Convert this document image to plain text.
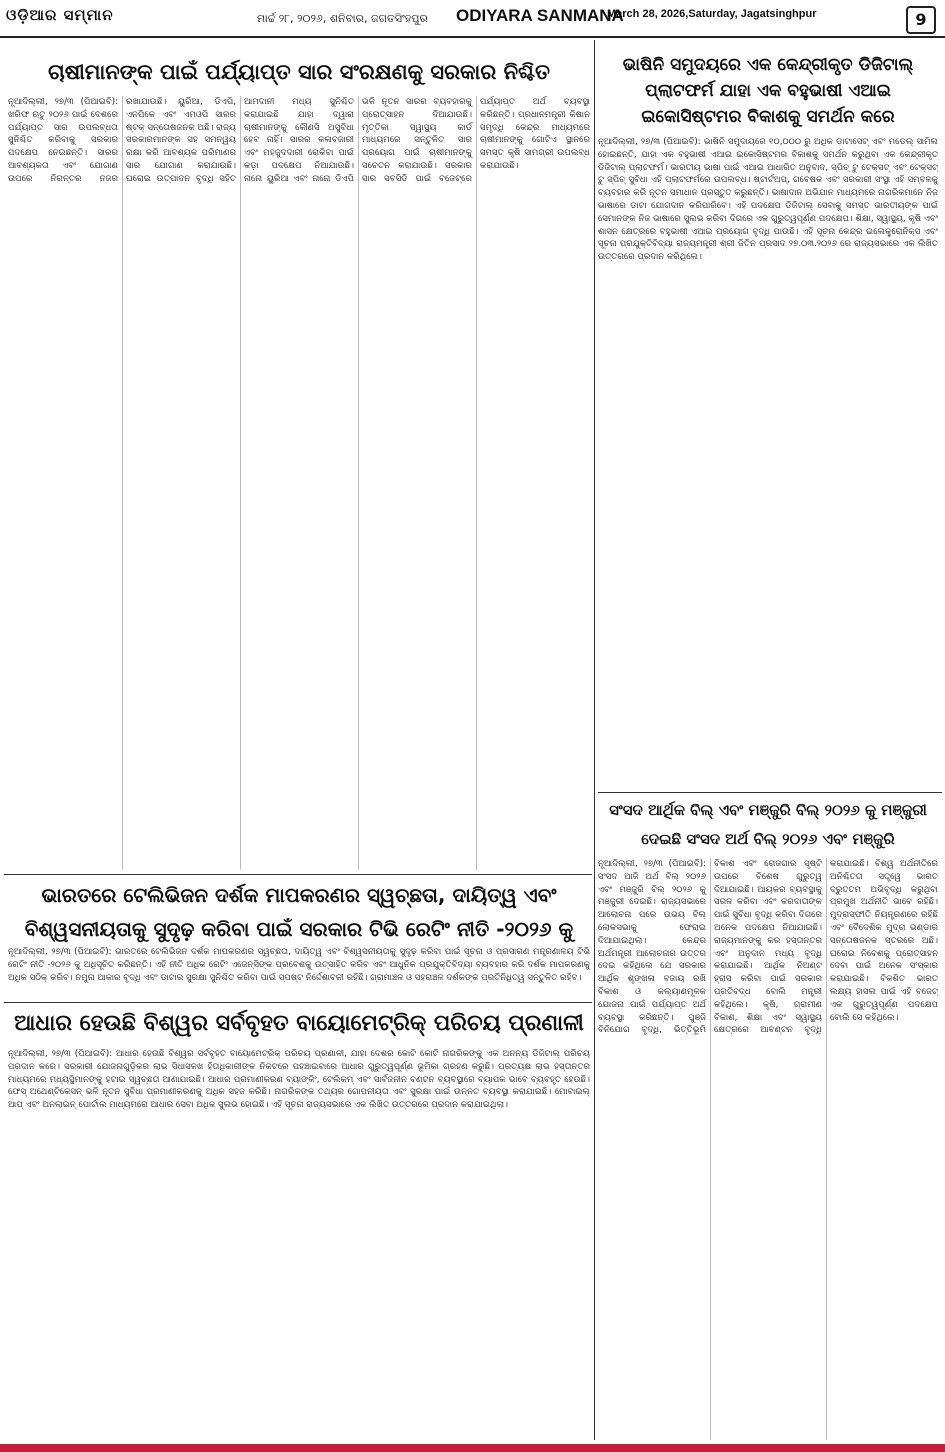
ଓଡ଼ିଆର ସମ୍ମାନ	ମାର୍ଚ୍ଚ ୨୮, ୨୦୨୬, ଶନିବାର, ଜଗତସିଂହପୁର ODIYARA SANMANA
March 28, 2026,Saturday, Jagatsinghpur	9
ଚାଷୀମାନଙ୍କ ପାଇଁ ପର୍ଯ୍ୟାପ୍ତ ସାର ସଂରକ୍ଷଣକୁ ସରକାର ନିଶ୍ଚିତ
ନୂଆଦିଲ୍ଲୀ, ୨୭/୩ (ପିଆଇବି): ଖରିଫ ଋତୁ ୨୦୨୬ ପାଇଁ ଦେଶରେ ପର୍ଯ୍ୟାପ୍ତ ସାର ଉପଲବ୍ଧତା ସୁନିଶ୍ଚିତ କରିବାକୁ ସରକାର ପଦକ୍ଷେପ ନେଇଛନ୍ତି। ସାରର ଆବଶ୍ୟକତା ଏବଂ ଯୋଗାଣ ଉପରେ ନିରନ୍ତର ନଜର ରଖାଯାଉଛି। ୟୁରିଆ, ଡିଏପି, ଏନପିକେ ଏବଂ ଏମଓପି ସାରର ଷ୍ଟକ୍ ସନ୍ତୋଷଜନକ ଅଛି। ରାଜ୍ୟ ସରକାରମାନଙ୍କ ସହ ସମନ୍ୱୟ ରକ୍ଷା କରି ଆବଶ୍ୟକ ପରିମାଣର ସାର ଯୋଗାଣ କରାଯାଉଛି। ଘରୋଇ ଉତ୍ପାଦନ ବୃଦ୍ଧି ସହିତ ଆମଦାନୀ ମଧ୍ୟ ସୁନିଶ୍ଚିତ କରାଯାଇଛି ଯାହା ଦ୍ୱାରା ଚାଷୀମାନଙ୍କୁ କୌଣସି ଅସୁବିଧା ହେବ ନାହିଁ। ସାରର କଳାବଜାରୀ ଏବଂ ମହଜୁଦଦାରୀ ରୋକିବା ପାଇଁ କଡ଼ା ପଦକ୍ଷେପ ନିଆଯାଉଛି। ନାନୋ ୟୁରିଆ ଏବଂ ନାନୋ ଡିଏପି ଭଳି ନୂତନ ସାରର ବ୍ୟବହାରକୁ ପ୍ରୋତ୍ସାହନ ଦିଆଯାଉଛି। ମୃତ୍ତିକା ସ୍ୱାସ୍ଥ୍ୟ କାର୍ଡ ମାଧ୍ୟମରେ ସନ୍ତୁଳିତ ସାର ପ୍ରୟୋଗ ପାଇଁ ଚାଷୀମାନଙ୍କୁ ସଚେତନ କରାଯାଉଛି। ସରକାର ସାର ସବସିଡି ପାଇଁ ବଜେଟ୍‌ରେ ପର୍ଯ୍ୟାପ୍ତ ଅର୍ଥ ବ୍ୟବସ୍ଥା କରିଛନ୍ତି। ପ୍ରଧାନମନ୍ତ୍ରୀ କିଷାନ ସମୃଦ୍ଧି କେନ୍ଦ୍ର ମାଧ୍ୟମରେ ଚାଷୀମାନଙ୍କୁ ଗୋଟିଏ ସ୍ଥାନରେ ସମସ୍ତ କୃଷି ସାମଗ୍ରୀ ଉପଲବ୍ଧ କରାଯାଉଛି।
ଭାଷିନି ସମୁଦୟରେ ଏକ କେନ୍ଦ୍ରୀକୃତ ଡିଜିଟାଲ୍ ପ୍ଲାଟଫର୍ମ ଯାହା ଏକ ବହୁଭାଷୀ ଏଆଇ ଇକୋସିଷ୍ଟମର ବିକାଶକୁ ସମର୍ଥନ କରେ
ନୂଆଦିଲ୍ଲୀ, ୨୭/୩ (ପିଆଇବି): ଭାଷିନି ସମୁଦାୟରେ ୧୦,୦୦୦ ରୁ ଅଧିକ ଡାଟାସେଟ୍ ଏବଂ ମଡେଲ୍ ସାମିଲ ହୋଇଛନ୍ତି, ଯାହା ଏକ ବହୁଭାଷୀ ଏଆଇ ଇକୋସିଷ୍ଟମର ବିକାଶକୁ ସମର୍ଥନ କରୁଥିବା ଏକ କେନ୍ଦ୍ରୀକୃତ ଡିଜିଟାଲ୍ ପ୍ଲାଟଫର୍ମ। ଭାରତୀୟ ଭାଷା ପାଇଁ ଏଆଇ ଆଧାରିତ ଅନୁବାଦ, ସ୍ପିଚ୍ ଟୁ ଟେକ୍ସଟ୍ ଏବଂ ଟେକ୍ସଟ୍ ଟୁ ସ୍ପିଚ୍ ସୁବିଧା ଏହି ପ୍ଲାଟଫର୍ମରେ ଉପଲବ୍ଧ। ଷ୍ଟାର୍ଟଅପ୍, ଗବେଷକ ଏବଂ ସରକାରୀ ସଂସ୍ଥା ଏହି ସମ୍ବଳକୁ ବ୍ୟବହାର କରି ନୂତନ ସମାଧାନ ପ୍ରସ୍ତୁତ କରୁଛନ୍ତି। ଭାଷାଦାନ ଅଭିଯାନ ମାଧ୍ୟମରେ ନାଗରିକମାନେ ନିଜ ଭାଷାରେ ଡାଟା ଯୋଗଦାନ କରିପାରିବେ। ଏହି ପଦକ୍ଷେପ ଡିଜିଟାଲ୍ ସେବାକୁ ସମସ୍ତ ଭାରତୀୟଙ୍କ ପାଇଁ ସେମାନଙ୍କ ନିଜ ଭାଷାରେ ସୁଲଭ କରିବା ଦିଗରେ ଏକ ଗୁରୁତ୍ୱପୂର୍ଣ୍ଣ ପଦକ୍ଷେପ। ଶିକ୍ଷା, ସ୍ୱାସ୍ଥ୍ୟ, କୃଷି ଏବଂ ଶାସନ କ୍ଷେତ୍ରରେ ବହୁଭାଷୀ ଏଆଇ ପ୍ରୟୋଗ ବୃଦ୍ଧି ପାଉଛି। ଏହି ସୂଚନା କେନ୍ଦ୍ର ଇଲେକ୍ଟ୍ରୋନିକ୍ସ ଏବଂ ସୂଚନା ପ୍ରଯୁକ୍ତିବିଦ୍ୟା ରାଜ୍ୟମନ୍ତ୍ରୀ ଶ୍ରୀ ଜିତିନ ପ୍ରସାଦ ୨୭.୦୩.୨୦୨୬ ରେ ରାଜ୍ୟସଭାରେ ଏକ ଲିଖିତ ଉତ୍ତରରେ ପ୍ରଦାନ କରିଥିଲେ।
ଭାରତରେ ଟେଲିଭିଜନ ଦର୍ଶକ ମାପକରଣର ସ୍ୱଚ୍ଛତା, ଦାୟିତ୍ୱ ଏବଂ ବିଶ୍ୱସନୀୟତାକୁ ସୁଦୃଢ଼ କରିବା ପାଇଁ ସରକାର ଟିଭି ରେଟିଂ ନୀତି -୨୦୨୬ କୁ
ନୂଆଦିଲ୍ଲୀ, ୨୭/୩ (ପିଆଇବି): ଭାରତରେ ଟେଲିଭିଜନ ଦର୍ଶକ ମାପକରଣର ସ୍ୱଚ୍ଛତା, ଦାୟିତ୍ୱ ଏବଂ ବିଶ୍ୱସନୀୟତାକୁ ସୁଦୃଢ଼ କରିବା ପାଇଁ ସୂଚନା ଓ ପ୍ରସାରଣ ମନ୍ତ୍ରଣାଳୟ ଟିଭି ରେଟିଂ ନୀତି -୨୦୨୬ କୁ ଅଧିସୂଚିତ କରିଛନ୍ତି। ଏହି ନୀତି ଅଧିକ ରେଟିଂ ଏଜେନ୍ସିଙ୍କ ପ୍ରବେଶକୁ ଉତ୍ସାହିତ କରିବ ଏବଂ ଆଧୁନିକ ପ୍ରଯୁକ୍ତିବିଦ୍ୟା ବ୍ୟବହାର କରି ଦର୍ଶକ ମାପକରଣକୁ ଅଧିକ ସଠିକ୍ କରିବ। ନମୁନା ଆକାର ବୃଦ୍ଧି ଏବଂ ଡାଟାର ସୁରକ୍ଷା ସୁନିଶ୍ଚିତ କରିବା ପାଇଁ ସ୍ପଷ୍ଟ ନିର୍ଦ୍ଦେଶାବଳୀ ରହିଛି। ଗ୍ରାମାଞ୍ଚଳ ଓ ସହରାଞ୍ଚଳ ଦର୍ଶକଙ୍କ ପ୍ରତିନିଧିତ୍ୱ ସନ୍ତୁଳିତ ରହିବ।
ଆଧାର ହେଉଛି ବିଶ୍ୱର ସର୍ବବୃହତ ବାୟୋମେଟ୍ରିକ୍ ପରିଚୟ ପ୍ରଣାଳୀ
ନୂଆଦିଲ୍ଲୀ, ୨୭/୩ (ପିଆଇବି): ଆଧାର ହେଉଛି ବିଶ୍ୱର ସର୍ବବୃହତ ବାୟୋମେଟ୍ରିକ୍ ପରିଚୟ ପ୍ରଣାଳୀ, ଯାହା ଦେଶର କୋଟି କୋଟି ନାଗରିକଙ୍କୁ ଏକ ଅନନ୍ୟ ଡିଜିଟାଲ୍ ପରିଚୟ ପ୍ରଦାନ କରେ। ସରକାରୀ ଯୋଜନାଗୁଡ଼ିକର ଲାଭ ସିଧାସଳଖ ହିତାଧିକାରୀଙ୍କ ନିକଟରେ ପହଞ୍ଚାଇବାରେ ଆଧାର ଗୁରୁତ୍ୱପୂର୍ଣ୍ଣ ଭୂମିକା ଗ୍ରହଣ କରୁଛି। ପ୍ରତ୍ୟକ୍ଷ ଲାଭ ହସ୍ତାନ୍ତର ମାଧ୍ୟମରେ ମଧ୍ୟସ୍ଥିମାନଙ୍କୁ ହଟାଇ ସ୍ୱଚ୍ଛତା ଆଣାଯାଇଛି। ଆଧାର ପ୍ରମାଣୀକରଣ ବ୍ୟାଙ୍କିଂ, ଟେଲିକମ୍ ଏବଂ ସାର୍ବଜନୀନ ବଣ୍ଟନ ବ୍ୟବସ୍ଥାରେ ବ୍ୟାପକ ଭାବେ ବ୍ୟବହୃତ ହେଉଛି। ଫେସ୍ ଅଥେଣ୍ଟିକେସନ୍ ଭଳି ନୂତନ ସୁବିଧା ପ୍ରମାଣୀକରଣକୁ ଅଧିକ ସହଜ କରିଛି। ନାଗରିକଙ୍କ ତଥ୍ୟର ଗୋପନୀୟତା ଏବଂ ସୁରକ୍ଷା ପାଇଁ ଉନ୍ନତ ବ୍ୟବସ୍ଥା କରାଯାଇଛି। ମୋବାଇଲ୍ ଆପ୍ ଏବଂ ଅନଲାଇନ୍ ପୋର୍ଟାଲ ମାଧ୍ୟମରେ ଆଧାର ସେବା ଅଧିକ ସୁଲଭ ହୋଇଛି। ଏହି ସୂଚନା ରାଜ୍ୟସଭାରେ ଏକ ଲିଖିତ ଉତ୍ତରରେ ପ୍ରଦାନ କରାଯାଇଥିଲା।
ସଂସଦ ଆର୍ଥିକ ବିଲ୍ ଏବଂ ମଞ୍ଜୁରି ବିଲ୍ ୨୦୨୬ କୁ ମଞ୍ଜୁରୀ ଦେଇଛି ସଂସଦ ଅର୍ଥ ବିଲ୍ ୨୦୨୬ ଏବଂ ମଞ୍ଜୁରି
ନୂଆଦିଲ୍ଲୀ, ୨୭/୩ (ପିଆଇବି): ସଂସଦ ଆଜି ଅର୍ଥ ବିଲ୍ ୨୦୨୬ ଏବଂ ମଞ୍ଜୁରି ବିଲ୍ ୨୦୨୬ କୁ ମଞ୍ଜୁରୀ ଦେଇଛି। ରାଜ୍ୟସଭାରେ ଆଲୋଚନା ପରେ ଉଭୟ ବିଲ୍ ଲୋକସଭାକୁ ଫେରାଇ ଦିଆଯାଇଥିଲା। କେନ୍ଦ୍ର ଅର୍ଥମନ୍ତ୍ରୀ ଆଲୋଚନାର ଉତ୍ତର ଦେଇ କହିଥିଲେ ଯେ ସରକାର ଆର୍ଥିକ ଶୃଙ୍ଖଳା ବଜାୟ ରଖି ବିକାଶ ଓ କଲ୍ୟାଣମୂଳକ ଯୋଜନା ପାଇଁ ପର୍ଯ୍ୟାପ୍ତ ଅର୍ଥ ବ୍ୟବସ୍ଥା କରିଛନ୍ତି। ପୁଞ୍ଜି ବିନିଯୋଗ ବୃଦ୍ଧି, ଭିତ୍ତିଭୂମି ବିକାଶ ଏବଂ ରୋଜଗାର ସୃଷ୍ଟି ଉପରେ ବିଶେଷ ଗୁରୁତ୍ୱ ଦିଆଯାଇଛି। ଆୟକର ବ୍ୟବସ୍ଥାକୁ ସରଳ କରିବା ଏବଂ କରଦାତାଙ୍କ ପାଇଁ ସୁବିଧା ବୃଦ୍ଧି କରିବା ଦିଗରେ ଅନେକ ପଦକ୍ଷେପ ନିଆଯାଇଛି। ରାଜ୍ୟମାନଙ୍କୁ କର ହସ୍ତାନ୍ତର ଏବଂ ଅନୁଦାନ ମଧ୍ୟ ବୃଦ୍ଧି କରାଯାଇଛି। ଆର୍ଥିକ ନିଅଣ୍ଟ ହ୍ରାସ କରିବା ପାଇଁ ସରକାର ପ୍ରତିବଦ୍ଧ ବୋଲି ମନ୍ତ୍ରୀ କହିଥିଲେ। କୃଷି, ଗ୍ରାମୀଣ ବିକାଶ, ଶିକ୍ଷା ଏବଂ ସ୍ୱାସ୍ଥ୍ୟ କ୍ଷେତ୍ରରେ ଆବଣ୍ଟନ ବୃଦ୍ଧି କରାଯାଇଛି। ବିଶ୍ୱ ଅର୍ଥନୀତିରେ ଅନିଶ୍ଚିତତା ସତ୍ତ୍ୱେ ଭାରତ ଦ୍ରୁତତମ ଅଭିବୃଦ୍ଧି କରୁଥିବା ପ୍ରମୁଖ ଅର୍ଥନୀତି ଭାବେ ରହିଛି। ମୁଦ୍ରାସ୍ଫୀତି ନିୟନ୍ତ୍ରଣରେ ରହିଛି ଏବଂ ବୈଦେଶିକ ମୁଦ୍ରା ଭଣ୍ଡାର ସନ୍ତୋଷଜନକ ସ୍ତରରେ ଅଛି। ଘରୋଇ ନିବେଶକୁ ପ୍ରୋତ୍ସାହନ ଦେବା ପାଇଁ ଅନେକ ସଂସ୍କାର କରାଯାଇଛି। ବିକଶିତ ଭାରତ ଲକ୍ଷ୍ୟ ହାସଲ ପାଇଁ ଏହି ବଜେଟ୍ ଏକ ଗୁରୁତ୍ୱପୂର୍ଣ୍ଣ ପଦକ୍ଷେପ ବୋଲି ସେ କହିଥିଲେ।
